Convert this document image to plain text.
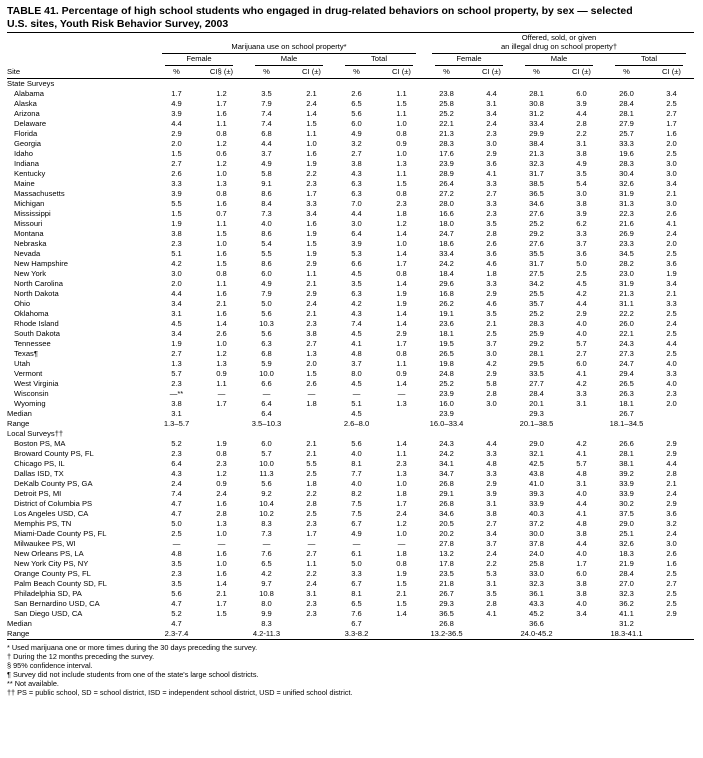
TABLE 41. Percentage of high school students who engaged in drug-related behaviors on school property, by sex — selected
U.S. sites, Youth Risk Behavior Survey, 2003

	Marijuana use on school property*						Offered, sold, or given
an illegal drug on school property†					

	Female		Male		Total		Female		Male		Total	

Site	%	CI§ (±)	%	CI (±)	%	CI (±)	%	CI (±)	%	CI (±)	%	CI (±)
State Surveys												
Alabama	1.7	1.2	3.5	2.1	2.6	1.1	23.8	4.4	28.1	6.0	26.0	3.4
Alaska	4.9	1.7	7.9	2.4	6.5	1.5	25.8	3.1	30.8	3.9	28.4	2.5
Arizona	3.9	1.6	7.4	1.4	5.6	1.1	25.2	3.4	31.2	4.4	28.1	2.7
Delaware	4.4	1.1	7.4	1.5	6.0	1.0	22.1	2.4	33.4	2.8	27.9	1.7
Florida	2.9	0.8	6.8	1.1	4.9	0.8	21.3	2.3	29.9	2.2	25.7	1.6
Georgia	2.0	1.2	4.4	1.0	3.2	0.9	28.3	3.0	38.4	3.1	33.3	2.0
Idaho	1.5	0.6	3.7	1.6	2.7	1.0	17.6	2.9	21.3	3.8	19.6	2.5
Indiana	2.7	1.2	4.9	1.9	3.8	1.3	23.9	3.6	32.3	4.9	28.3	3.0
Kentucky	2.6	1.0	5.8	2.2	4.3	1.1	28.9	4.1	31.7	3.5	30.4	3.0
Maine	3.3	1.3	9.1	2.3	6.3	1.5	26.4	3.3	38.5	5.4	32.6	3.4
Massachusetts	3.9	0.8	8.6	1.7	6.3	0.8	27.2	2.7	36.5	3.0	31.9	2.1
Michigan	5.5	1.6	8.4	3.3	7.0	2.3	28.0	3.3	34.6	3.8	31.3	3.0
Mississippi	1.5	0.7	7.3	3.4	4.4	1.8	16.6	2.3	27.6	3.9	22.3	2.6
Missouri	1.9	1.1	4.0	1.6	3.0	1.2	18.0	3.5	25.2	6.2	21.6	4.1
Montana	3.8	1.5	8.6	1.9	6.4	1.4	24.7	2.8	29.2	3.3	26.9	2.4
Nebraska	2.3	1.0	5.4	1.5	3.9	1.0	18.6	2.6	27.6	3.7	23.3	2.0
Nevada	5.1	1.6	5.5	1.9	5.3	1.4	33.4	3.6	35.5	3.6	34.5	2.5
New Hampshire	4.2	1.5	8.6	2.9	6.6	1.7	24.2	4.6	31.7	5.0	28.2	3.6
New York	3.0	0.8	6.0	1.1	4.5	0.8	18.4	1.8	27.5	2.5	23.0	1.9
North Carolina	2.0	1.1	4.9	2.1	3.5	1.4	29.6	3.3	34.2	4.5	31.9	3.4
North Dakota	4.4	1.6	7.9	2.9	6.3	1.9	16.8	2.9	25.5	4.2	21.3	2.1
Ohio	3.4	2.1	5.0	2.4	4.2	1.9	26.2	4.6	35.7	4.4	31.1	3.3
Oklahoma	3.1	1.6	5.6	2.1	4.3	1.4	19.1	3.5	25.2	2.9	22.2	2.5
Rhode Island	4.5	1.4	10.3	2.3	7.4	1.4	23.6	2.1	28.3	4.0	26.0	2.4
South Dakota	3.4	2.6	5.6	3.8	4.5	2.9	18.1	2.5	25.9	4.0	22.1	2.5
Tennessee	1.9	1.0	6.3	2.7	4.1	1.7	19.5	3.7	29.2	5.7	24.3	4.4
Texas¶	2.7	1.2	6.8	1.3	4.8	0.8	26.5	3.0	28.1	2.7	27.3	2.5
Utah	1.3	1.3	5.9	2.0	3.7	1.1	19.8	4.2	29.5	6.0	24.7	4.0
Vermont	5.7	0.9	10.0	1.5	8.0	0.9	24.8	2.9	33.5	4.1	29.4	3.3
West Virginia	2.3	1.1	6.6	2.6	4.5	1.4	25.2	5.8	27.7	4.2	26.5	4.0
Wisconsin	—**	—	—	—	—	—	23.9	2.8	28.4	3.3	26.3	2.3
Wyoming	3.8	1.7	6.4	1.8	5.1	1.3	16.0	3.0	20.1	3.1	18.1	2.0
Median	3.1		6.4		4.5		23.9		29.3		26.7	
Range	1.3–5.7		3.5–10.3		2.6–8.0		16.0–33.4		20.1–38.5		18.1–34.5	
Local Surveys††												
Boston PS, MA	5.2	1.9	6.0	2.1	5.6	1.4	24.3	4.4	29.0	4.2	26.6	2.9
Broward County PS, FL	2.3	0.8	5.7	2.1	4.0	1.1	24.2	3.3	32.1	4.1	28.1	2.9
Chicago PS, IL	6.4	2.3	10.0	5.5	8.1	2.3	34.1	4.8	42.5	5.7	38.1	4.4
Dallas ISD, TX	4.3	1.2	11.3	2.5	7.7	1.3	34.7	3.3	43.8	4.8	39.2	2.8
DeKalb County PS, GA	2.4	0.9	5.6	1.8	4.0	1.0	26.8	2.9	41.0	3.1	33.9	2.1
Detroit PS, MI	7.4	2.4	9.2	2.2	8.2	1.8	29.1	3.9	39.3	4.0	33.9	2.4
District of Columbia PS	4.7	1.6	10.4	2.8	7.5	1.7	26.8	3.1	33.9	4.4	30.2	2.9
Los Angeles USD, CA	4.7	2.8	10.2	2.5	7.5	2.4	34.6	3.8	40.3	4.1	37.5	3.6
Memphis PS, TN	5.0	1.3	8.3	2.3	6.7	1.2	20.5	2.7	37.2	4.8	29.0	3.2
Miami-Dade County PS, FL	2.5	1.0	7.3	1.7	4.9	1.0	20.2	3.4	30.0	3.8	25.1	2.4
Milwaukee PS, WI	—	—	—	—	—	—	27.8	3.7	37.8	4.4	32.6	3.0
New Orleans PS, LA	4.8	1.6	7.6	2.7	6.1	1.8	13.2	2.4	24.0	4.0	18.3	2.6
New York City PS, NY	3.5	1.0	6.5	1.1	5.0	0.8	17.8	2.2	25.8	1.7	21.9	1.6
Orange County PS, FL	2.3	1.6	4.2	2.2	3.3	1.9	23.5	5.3	33.0	6.0	28.4	2.5
Palm Beach County SD, FL	3.5	1.4	9.7	2.4	6.7	1.5	21.8	3.1	32.3	3.8	27.0	2.7
Philadelphia SD, PA	5.6	2.1	10.8	3.1	8.1	2.1	26.7	3.5	36.1	3.8	32.3	2.5
San Bernardino USD, CA	4.7	1.7	8.0	2.3	6.5	1.5	29.3	2.8	43.3	4.0	36.2	2.5
San Diego USD, CA	5.2	1.5	9.9	2.3	7.6	1.4	36.5	4.1	45.2	3.4	41.1	2.9
Median	4.7		8.3		6.7		26.8		36.6		31.2	
Range	2.3-7.4		4.2-11.3		3.3-8.2		13.2-36.5		24.0-45.2		18.3-41.1	
* Used marijuana one or more times during the 30 days preceding the survey.
† During the 12 months preceding the survey.
§ 95% confidence interval.
¶ Survey did not include students from one of the state's large school districts.
** Not available.
†† PS = public school, SD = school district, ISD = independent school district, USD = unified school district.
